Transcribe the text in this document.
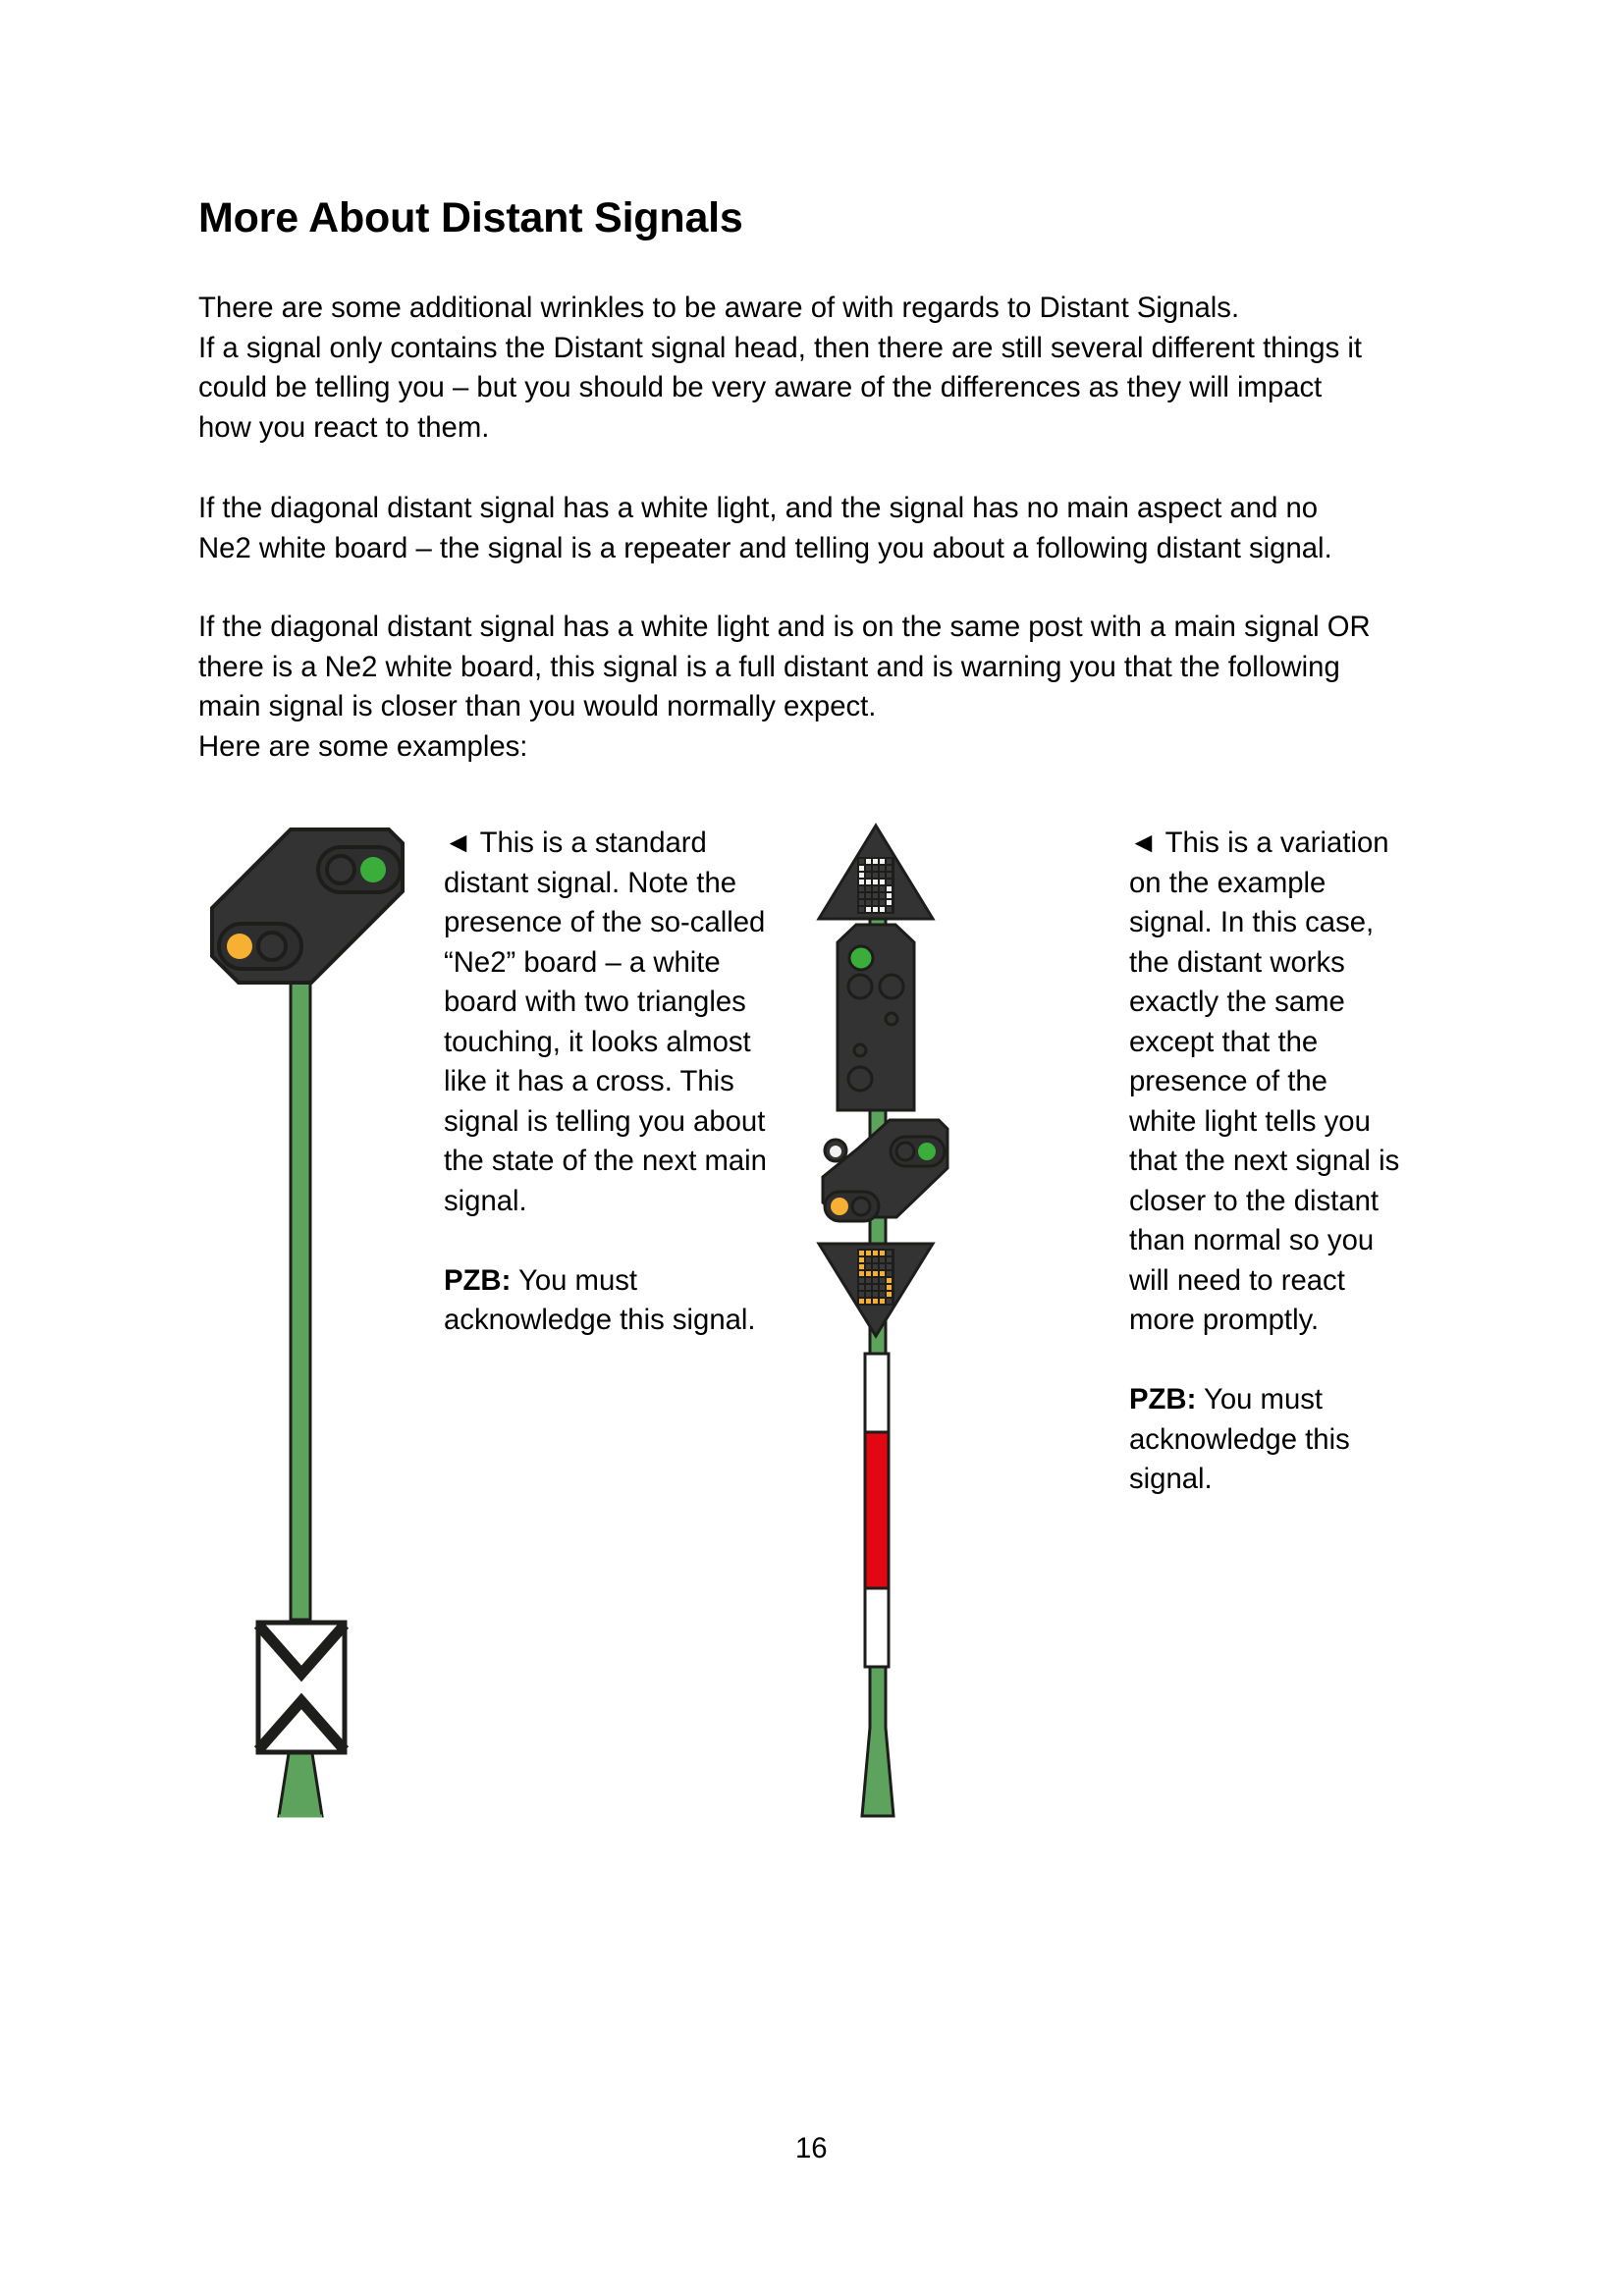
More About Distant Signals
There are some additional wrinkles to be aware of with regards to Distant Signals.
If a signal only contains the Distant signal head, then there are still several different things it
could be telling you – but you should be very aware of the differences as they will impact
how you react to them.
If the diagonal distant signal has a white light, and the signal has no main aspect and no
Ne2 white board – the signal is a repeater and telling you about a following distant signal.
If the diagonal distant signal has a white light and is on the same post with a main signal OR
there is a Ne2 white board, this signal is a full distant and is warning you that the following
main signal is closer than you would normally expect.
Here are some examples:
◄ This is a standard
distant signal. Note the
presence of the so-called
“Ne2” board – a white
board with two triangles
touching, it looks almost
like it has a cross. This
signal is telling you about
the state of the next main
signal.
PZB: You must
acknowledge this signal.
◄ This is a variation
on the example
signal. In this case,
the distant works
exactly the same
except that the
presence of the
white light tells you
that the next signal is
closer to the distant
than normal so you
will need to react
more promptly.
PZB: You must
acknowledge this
signal.
16
